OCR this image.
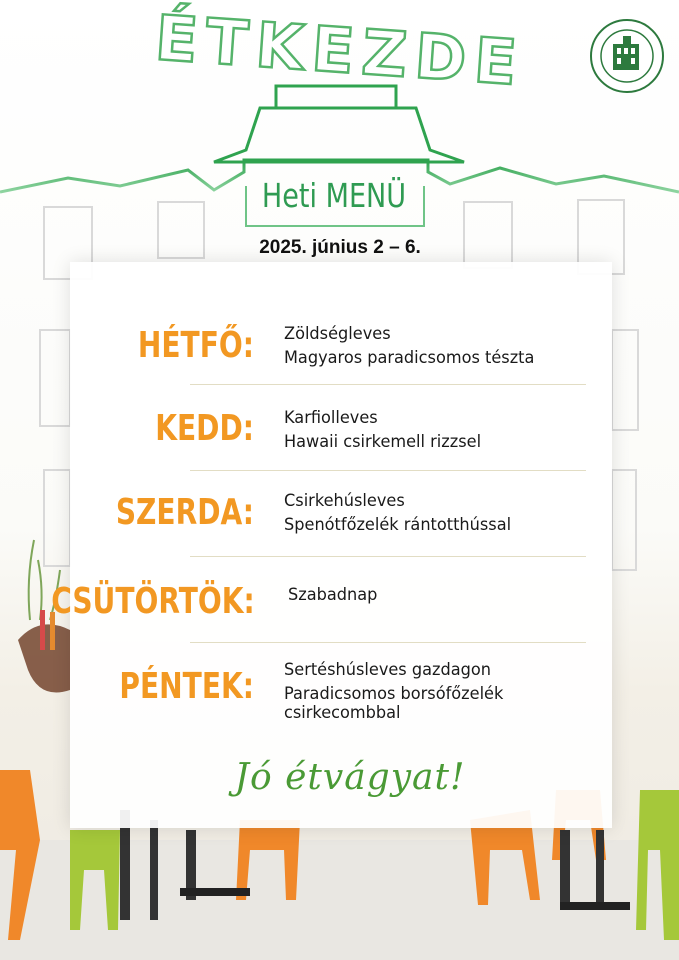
ÉTKEZDE
Heti MENÜ
2025. június 2 – 6.
HÉTFŐ: Zöldségleves
Magyaros paradicsomos tészta
KEDD: Karfiolleves
Hawaii csirkemell rizzsel
SZERDA: Csirkehúsleves
Spenótfőzelék rántotthússal
CSÜTÖRTÖK: Szabadnap
PÉNTEK: Sertéshúsleves gazdagon
Paradicsomos borsófőzelék
csirkecombbal
Jó étvágyat!
